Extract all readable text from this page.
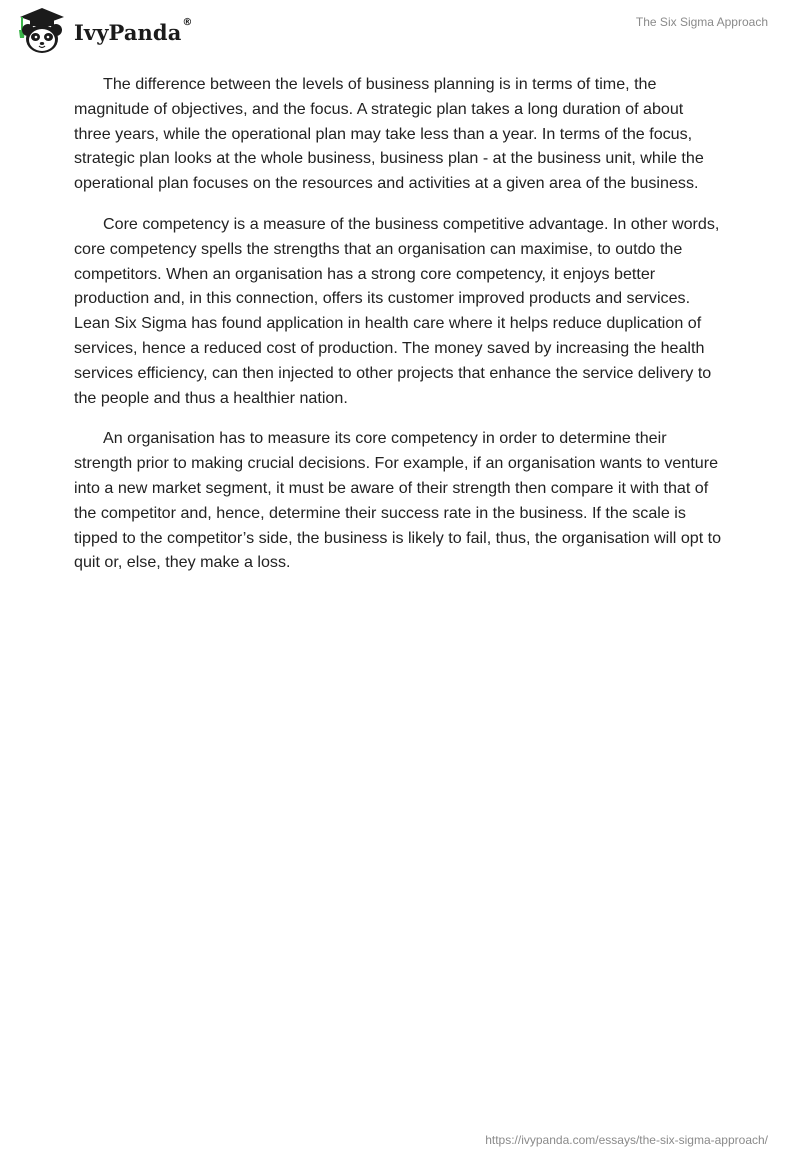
IvyPanda ®	The Six Sigma Approach

The difference between the levels of business planning is in terms of time, the magnitude of objectives, and the focus. A strategic plan takes a long duration of about three years, while the operational plan may take less than a year. In terms of the focus, strategic plan looks at the whole business, business plan - at the business unit, while the operational plan focuses on the resources and activities at a given area of the business.

Core competency is a measure of the business competitive advantage. In other words, core competency spells the strengths that an organisation can maximise, to outdo the competitors. When an organisation has a strong core competency, it enjoys better production and, in this connection, offers its customer improved products and services. Lean Six Sigma has found application in health care where it helps reduce duplication of services, hence a reduced cost of production. The money saved by increasing the health services efficiency, can then injected to other projects that enhance the service delivery to the people and thus a healthier nation.

An organisation has to measure its core competency in order to determine their strength prior to making crucial decisions. For example, if an organisation wants to venture into a new market segment, it must be aware of their strength then compare it with that of the competitor and, hence, determine their success rate in the business. If the scale is tipped to the competitor’s side, the business is likely to fail, thus, the organisation will opt to quit or, else, they make a loss.

https://ivypanda.com/essays/the-six-sigma-approach/
